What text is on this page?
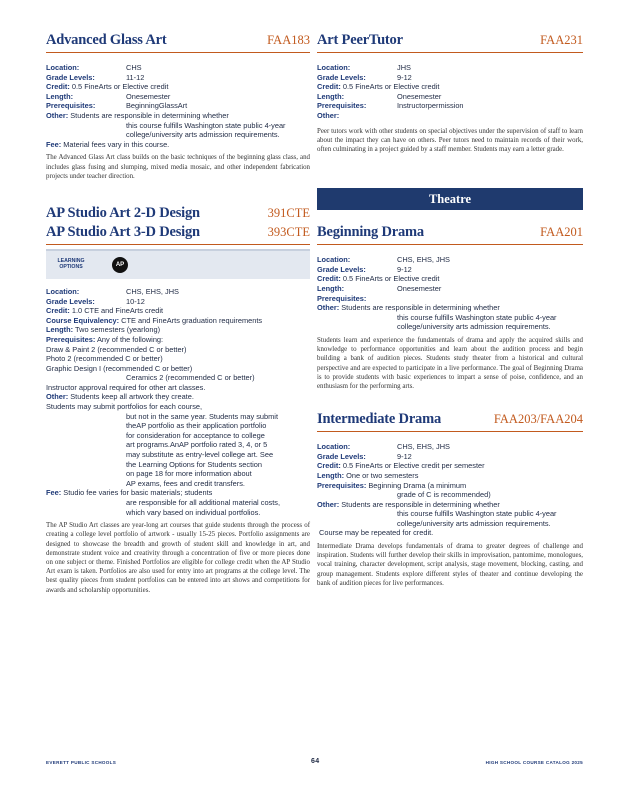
Advanced Glass Art	FAA183
Location:	CHS
Grade Levels:	11-12
Credit: 0.5 FineArts or Elective credit
Length:	Onesemester
Prerequisites:	BeginningGlassArt
Other: Students are responsible in determining whether
this course fulfills Washington state public 4-year
college/university arts admission requirements.
Fee: Material fees vary in this course.
The Advanced Glass Art class builds on the basic techniques of the beginning glass class, and includes glass fusing and slumping, mixed media mosaic, and other independent fabrication projects under teacher direction.
AP Studio Art 2-D Design	391CTE
AP Studio Art 3-D Design	393CTE
LEARNING OPTIONS	AP
Location:	CHS, EHS, JHS
Grade Levels:	10-12
Credit: 1.0 CTE and FineArts credit
Course Equivalency: CTE and FineArts graduation requirements
Length: Two semesters (yearlong)
Prerequisites: Any of the following:
Draw & Paint 2 (recommended C or better)
Photo 2 (recommended C or better)
Graphic Design I (recommended C or better)
Ceramics 2 (recommended C or better)
Instructor approval required for other art classes.
Other: Students keep all artwork they create.
Students may submit portfolios for each course,
but not in the same year. Students may submit
theAP portfolio as their application portfolio
for consideration for acceptance to college
art programs.AnAP portfolio rated 3, 4, or 5
may substitute as entry-level college art. See
the Learning Options for Students section
on page 18 for more information about
AP exams, fees and credit transfers.
Fee: Studio fee varies for basic materials; students
are responsible for all additional material costs,
which vary based on individual portfolios.
The AP Studio Art classes are year-long art courses that guide students through the process of creating a college level portfolio of artwork - usually 15-25 pieces. Portfolio assignments are designed to showcase the breadth and growth of student skill and knowledge in art, and demonstrate student voice and creativity through a concentration of five or more pieces done on one subject or theme. Finished Portfolios are eligible for college credit when the AP Studio Art exam is taken. Portfolios are also used for entry into art programs at the college level. The best quality pieces from student portfolios can be entered into art shows and competitions for awards and scholarship opportunities.
Art PeerTutor	FAA231
Location:	JHS
Grade Levels:	9-12
Credit: 0.5 FineArts or Elective credit
Length:	Onesemester
Prerequisites:	Instructorpermission
Other:
Peer tutors work with other students on special objectives under the supervision of staff to learn about the impact they can have on others. Peer tutors need to maintain records of their work, often culminating in a project guided by a staff member. Students may earn a letter grade.
Theatre
Beginning Drama	FAA201
Location:	CHS, EHS, JHS
Grade Levels:	9-12
Credit: 0.5 FineArts or Elective credit
Length:	Onesemester
Prerequisites:
Other: Students are responsible in determining whether
this course fulfills Washington state public 4-year
college/university arts admission requirements.
Students learn and experience the fundamentals of drama and apply the acquired skills and knowledge to performance opportunities and learn about the audition process and begin building a bank of audition pieces. Students study theater from a historical and cultural perspective and are expected to participate in a live performance. The goal of Beginning Drama is to provide students with basic experiences to impart a sense of poise, confidence, and an enthusiasm for the performing arts.
Intermediate Drama	FAA203/FAA204
Location:	CHS, EHS, JHS
Grade Levels:	9-12
Credit: 0.5 FineArts or Elective credit per semester
Length: One or two semesters
Prerequisites: Beginning Drama (a minimum
grade of C is recommended)
Other: Students are responsible in determining whether
this course fulfills Washington state public 4-year
college/university arts admission requirements.
Course may be repeated for credit.
Intermediate Drama develops fundamentals of drama to greater degrees of challenge and inspiration. Students will further develop their skills in improvisation, pantomime, monologues, vocal training, character development, script analysis, stage movement, blocking, casting, and group management. Students explore different styles of theater and continue developing the bank of audition pieces for live performances.
EVERETT PUBLIC SCHOOLS	64	HIGH SCHOOL COURSE CATALOG 2025
